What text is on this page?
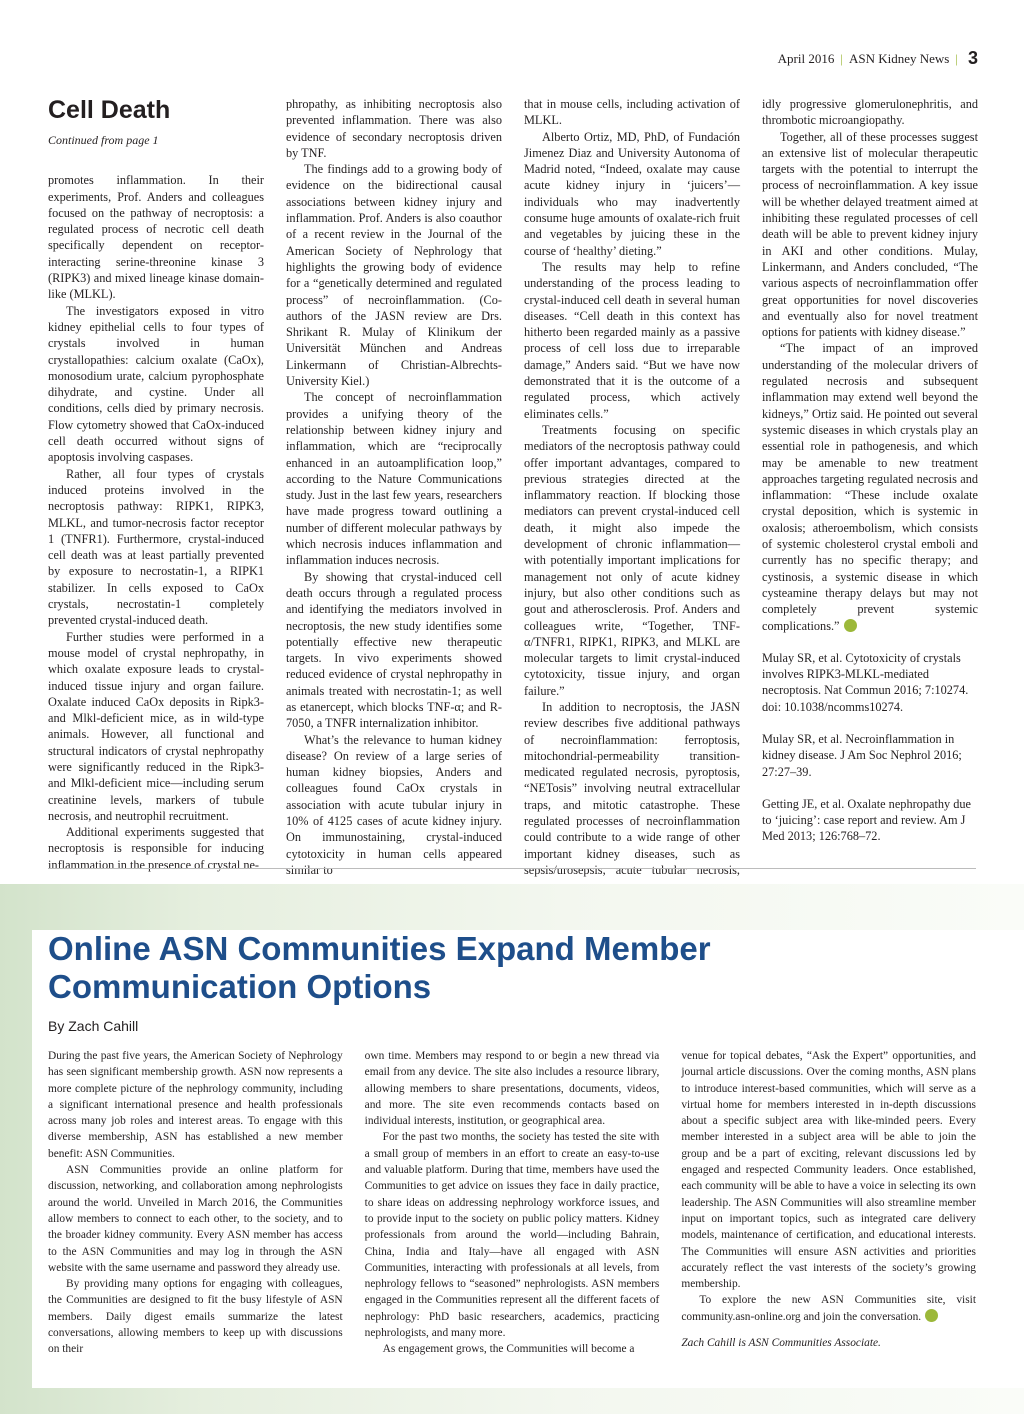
April 2016 | ASN Kidney News | 3
Cell Death
Continued from page 1

promotes inflammation. In their experiments, Prof. Anders and colleagues focused on the pathway of necroptosis: a regulated process of necrotic cell death specifically dependent on receptor-interacting serine-threonine kinase 3 (RIPK3) and mixed lineage kinase domain-like (MLKL).

The investigators exposed in vitro kidney epithelial cells to four types of crystals involved in human crystallopathies: calcium oxalate (CaOx), monosodium urate, calcium pyrophosphate dihydrate, and cystine. Under all conditions, cells died by primary necrosis. Flow cytometry showed that CaOx-induced cell death occurred without signs of apoptosis involving caspases.

Rather, all four types of crystals induced proteins involved in the necroptosis pathway: RIPK1, RIPK3, MLKL, and tumor-necrosis factor receptor 1 (TNFR1). Furthermore, crystal-induced cell death was at least partially prevented by exposure to necrostatin-1, a RIPK1 stabilizer. In cells exposed to CaOx crystals, necrostatin-1 completely prevented crystal-induced death.

Further studies were performed in a mouse model of crystal nephropathy, in which oxalate exposure leads to crystal-induced tissue injury and organ failure. Oxalate induced CaOx deposits in Ripk3- and Mlkl-deficient mice, as in wild-type animals. However, all functional and structural indicators of crystal nephropathy were significantly reduced in the Ripk3- and Mlkl-deficient mice—including serum creatinine levels, markers of tubule necrosis, and neutrophil recruitment.

Additional experiments suggested that necroptosis is responsible for inducing inflammation in the presence of crystal ne-

phropathy, as inhibiting necroptosis also prevented inflammation. There was also evidence of secondary necroptosis driven by TNF.

The findings add to a growing body of evidence on the bidirectional causal associations between kidney injury and inflammation. Prof. Anders is also coauthor of a recent review in the Journal of the American Society of Nephrology that highlights the growing body of evidence for a “genetically determined and regulated process” of necroinflammation. (Co-authors of the JASN review are Drs. Shrikant R. Mulay of Klinikum der Universität München and Andreas Linkermann of Christian-Albrechts-University Kiel.)

The concept of necroinflammation provides a unifying theory of the relationship between kidney injury and inflammation, which are “reciprocally enhanced in an autoamplification loop,” according to the Nature Communications study. Just in the last few years, researchers have made progress toward outlining a number of different molecular pathways by which necrosis induces inflammation and inflammation induces necrosis.

By showing that crystal-induced cell death occurs through a regulated process and identifying the mediators involved in necroptosis, the new study identifies some potentially effective new therapeutic targets. In vivo experiments showed reduced evidence of crystal nephropathy in animals treated with necrostatin-1; as well as etanercept, which blocks TNF-α; and R-7050, a TNFR internalization inhibitor.

What’s the relevance to human kidney disease? On review of a large series of human kidney biopsies, Anders and colleagues found CaOx crystals in association with acute tubular injury in 10% of 4125 cases of acute kidney injury. On immunostaining, crystal-induced cytotoxicity in human cells appeared similar to

that in mouse cells, including activation of MLKL.

Alberto Ortiz, MD, PhD, of Fundación Jimenez Diaz and University Autonoma of Madrid noted, “Indeed, oxalate may cause acute kidney injury in ‘juicers’—individuals who may inadvertently consume huge amounts of oxalate-rich fruit and vegetables by juicing these in the course of ‘healthy’ dieting.”

The results may help to refine understanding of the process leading to crystal-induced cell death in several human diseases. “Cell death in this context has hitherto been regarded mainly as a passive process of cell loss due to irreparable damage,” Anders said. “But we have now demonstrated that it is the outcome of a regulated process, which actively eliminates cells.”

Treatments focusing on specific mediators of the necroptosis pathway could offer important advantages, compared to previous strategies directed at the inflammatory reaction. If blocking those mediators can prevent crystal-induced cell death, it might also impede the development of chronic inflammation—with potentially important implications for management not only of acute kidney injury, but also other conditions such as gout and atherosclerosis. Prof. Anders and colleagues write, “Together, TNF-α/TNFR1, RIPK1, RIPK3, and MLKL are molecular targets to limit crystal-induced cytotoxicity, tissue injury, and organ failure.”

In addition to necroptosis, the JASN review describes five additional pathways of necroinflammation: ferroptosis, mitochondrial-permeability transition-medicated regulated necrosis, pyroptosis, “NETosis” involving neutral extracellular traps, and mitotic catastrophe. These regulated processes of necroinflammation could contribute to a wide range of other important kidney diseases, such as sepsis/urosepsis, acute tubular necrosis,

idly progressive glomerulonephritis, and thrombotic microangiopathy.

Together, all of these processes suggest an extensive list of molecular therapeutic targets with the potential to interrupt the process of necroinflammation. A key issue will be whether delayed treatment aimed at inhibiting these regulated processes of cell death will be able to prevent kidney injury in AKI and other conditions. Mulay, Linkermann, and Anders concluded, “The various aspects of necroinflammation offer great opportunities for novel discoveries and eventually also for novel treatment options for patients with kidney disease.”

“The impact of an improved understanding of the molecular drivers of regulated necrosis and subsequent inflammation may extend well beyond the kidneys,” Ortiz said. He pointed out several systemic diseases in which crystals play an essential role in pathogenesis, and which may be amenable to new treatment approaches targeting regulated necrosis and inflammation: “These include oxalate crystal deposition, which is systemic in oxalosis; atheroembolism, which consists of systemic cholesterol crystal emboli and currently has no specific therapy; and cystinosis, a systemic disease in which cysteamine therapy delays but may not completely prevent systemic complications.”

Mulay SR, et al. Cytotoxicity of crystals involves RIPK3-MLKL-mediated necroptosis. Nat Commun 2016; 7:10274. doi: 10.1038/ncomms10274.

Mulay SR, et al. Necroinflammation in kidney disease. J Am Soc Nephrol 2016; 27:27–39.

Getting JE, et al. Oxalate nephropathy due to ‘juicing’: case report and review. Am J Med 2013; 126:768–72.

Online ASN Communities Expand Member Communication Options
By Zach Cahill

During the past five years, the American Society of Nephrology has seen significant membership growth. ASN now represents a more complete picture of the nephrology community, including a significant international presence and health professionals across many job roles and interest areas. To engage with this diverse membership, ASN has established a new member benefit: ASN Communities.

ASN Communities provide an online platform for discussion, networking, and collaboration among nephrologists around the world. Unveiled in March 2016, the Communities allow members to connect to each other, to the society, and to the broader kidney community. Every ASN member has access to the ASN Communities and may log in through the ASN website with the same username and password they already use.

By providing many options for engaging with colleagues, the Communities are designed to fit the busy lifestyle of ASN members. Daily digest emails summarize the latest conversations, allowing members to keep up with discussions on their

own time. Members may respond to or begin a new thread via email from any device. The site also includes a resource library, allowing members to share presentations, documents, videos, and more. The site even recommends contacts based on individual interests, institution, or geographical area.

For the past two months, the society has tested the site with a small group of members in an effort to create an easy-to-use and valuable platform. During that time, members have used the Communities to get advice on issues they face in daily practice, to share ideas on addressing nephrology workforce issues, and to provide input to the society on public policy matters. Kidney professionals from around the world—including Bahrain, China, India and Italy—have all engaged with ASN Communities, interacting with professionals at all levels, from nephrology fellows to “seasoned” nephrologists. ASN members engaged in the Communities represent all the different facets of nephrology: PhD basic researchers, academics, practicing nephrologists, and many more.

As engagement grows, the Communities will become a

venue for topical debates, “Ask the Expert” opportunities, and journal article discussions. Over the coming months, ASN plans to introduce interest-based communities, which will serve as a virtual home for members interested in in-depth discussions about a specific subject area with like-minded peers. Every member interested in a subject area will be able to join the group and be a part of exciting, relevant discussions led by engaged and respected Community leaders. Once established, each community will be able to have a voice in selecting its own leadership. The ASN Communities will also streamline member input on important topics, such as integrated care delivery models, maintenance of certification, and educational interests. The Communities will ensure ASN activities and priorities accurately reflect the vast interests of the society’s growing membership.

To explore the new ASN Communities site, visit community.asn-online.org and join the conversation.

Zach Cahill is ASN Communities Associate.
